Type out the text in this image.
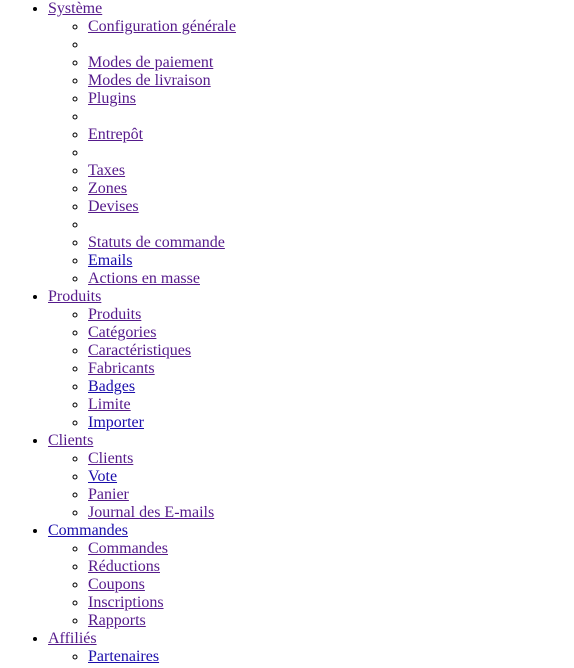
• Système
◦ Configuration générale
◦
◦ Modes de paiement
◦ Modes de livraison
◦ Plugins
◦
◦ Entrepôt
◦
◦ Taxes
◦ Zones
◦ Devises
◦
◦ Statuts de commande
◦ Emails
◦ Actions en masse
• Produits
◦ Produits
◦ Catégories
◦ Caractéristiques
◦ Fabricants
◦ Badges
◦ Limite
◦ Importer
• Clients
◦ Clients
◦ Vote
◦ Panier
◦ Journal des E-mails
• Commandes
◦ Commandes
◦ Réductions
◦ Coupons
◦ Inscriptions
◦ Rapports
• Affiliés
◦ Partenaires
